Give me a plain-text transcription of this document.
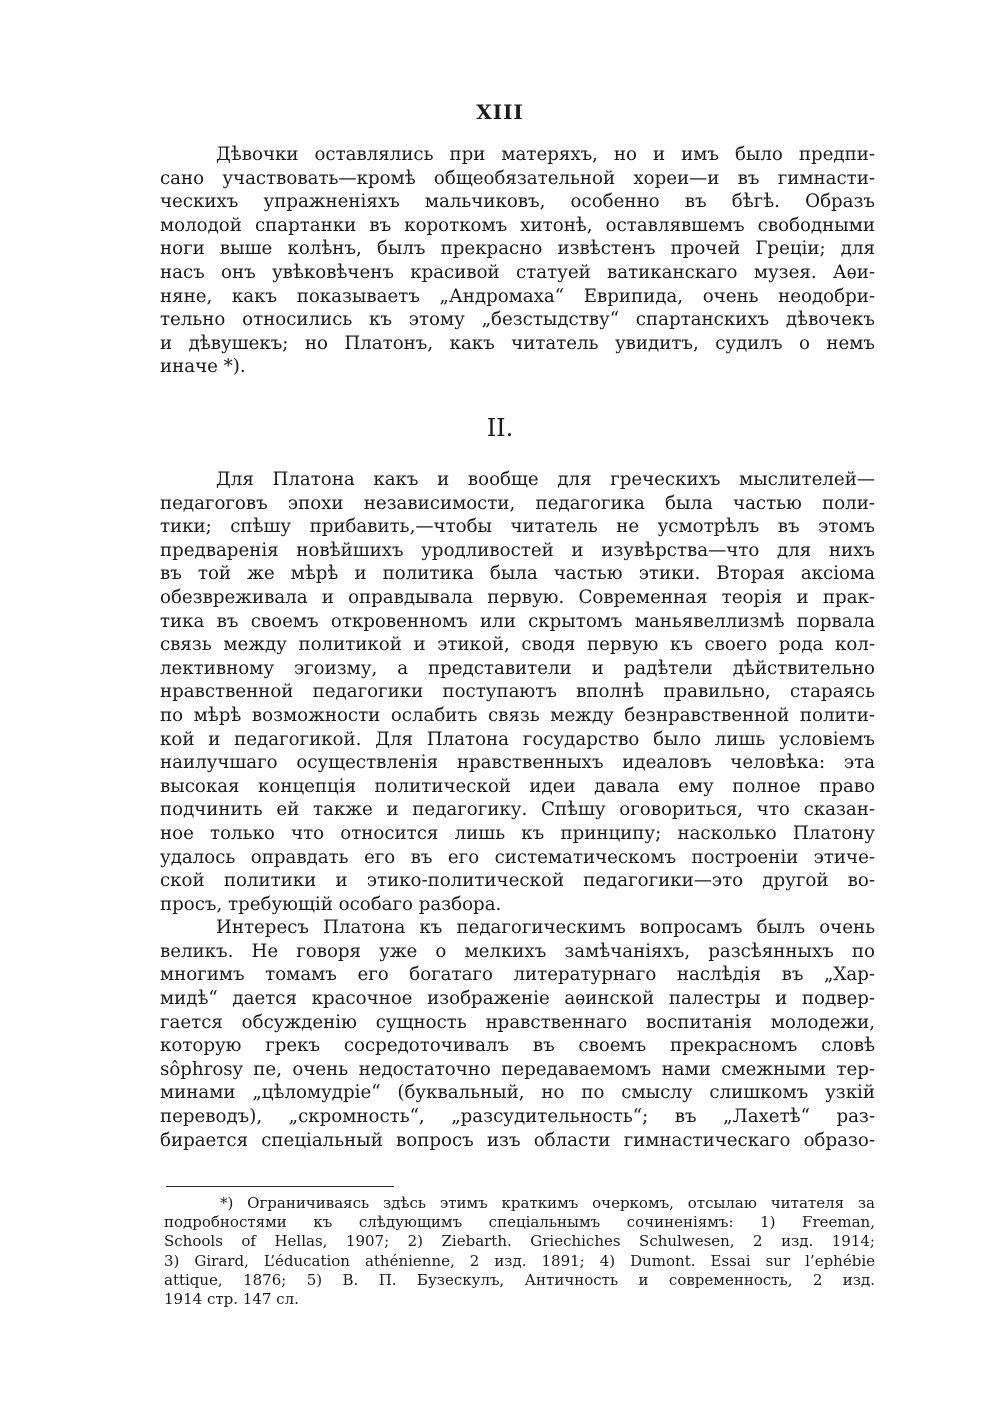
XIII
Дѣвочки оставлялись при матеряхъ, но и имъ было предпи-
сано участвовать—кромѣ общеобязательной хореи—и въ гимнасти-
ческихъ упражненіяхъ мальчиковъ, особенно въ бѣгѣ. Образъ
молодой спартанки въ короткомъ хитонѣ, оставлявшемъ свободными
ноги выше колѣнъ, былъ прекрасно извѣстенъ прочей Греціи; для
насъ онъ увѣковѣченъ красивой статуей ватиканскаго музея. Аѳи-
няне, какъ показываетъ „Андромаха“ Еврипида, очень неодобри-
тельно относились къ этому „безстыдству“ спартанскихъ дѣвочекъ
и дѣвушекъ; но Платонъ, какъ читатель увидитъ, судилъ о немъ
иначе *).
II.
Для Платона какъ и вообще для греческихъ мыслителей—
педагоговъ эпохи независимости, педагогика была частью поли-
тики; спѣшу прибавить,—чтобы читатель не усмотрѣлъ въ этомъ
предваренія новѣйшихъ уродливостей и изувѣрства—что для нихъ
въ той же мѣрѣ и политика была частью этики. Вторая аксіома
обезвреживала и оправдывала первую. Современная теорія и прак-
тика въ своемъ откровенномъ или скрытомъ маньявеллизмѣ порвала
связь между политикой и этикой, сводя первую къ своего рода кол-
лективному эгоизму, а представители и радѣтели дѣйствительно
нравственной педагогики поступаютъ вполнѣ правильно, стараясь
по мѣрѣ возможности ослабить связь между безнравственной полити-
кой и педагогикой. Для Платона государство было лишь условіемъ
наилучшаго осуществленія нравственныхъ идеаловъ человѣка: эта
высокая концепція политической идеи давала ему полное право
подчинить ей также и педагогику. Спѣшу оговориться, что сказан-
ное только что относится лишь къ принципу; насколько Платону
удалось оправдать его въ его систематическомъ построеніи этиче-
ской политики и этико-политической педагогики—это другой во-
просъ, требующій особаго разбора.
Интересъ Платона къ педагогическимъ вопросамъ былъ очень
великъ. Не говоря уже о мелкихъ замѣчаніяхъ, разсѣянныхъ по
многимъ томамъ его богатаго литературнаго наслѣдія въ „Хар-
мидѣ“ дается красочное изображеніе аѳинской палестры и подвер-
гается обсужденію сущность нравственнаго воспитанія молодежи,
которую грекъ сосредоточивалъ въ своемъ прекрасномъ словѣ
sôphrosy пе, очень недостаточно передаваемомъ нами смежными тер-
минами „цѣломудріе“ (буквальный, но по смыслу слишкомъ узкій
переводъ), „скромность“, „разсудительность“; въ „Лахетѣ“ раз-
бирается спеціальный вопросъ изъ области гимнастическаго образо-
*) Ограничиваясь здѣсь этимъ краткимъ очеркомъ, отсылаю читателя за
подробностями къ слѣдующимъ спеціальнымъ сочиненіямъ: 1) Freeman,
Schools of Hellas, 1907; 2) Ziebarth. Griechiches Schulwesen, 2 изд. 1914;
3) Girard, L’éducation athénienne, 2 изд. 1891; 4) Dumont. Essai sur l’ephébie
attique, 1876; 5) В. П. Бузескулъ, Античность и современность, 2 изд.
1914 стр. 147 сл.
